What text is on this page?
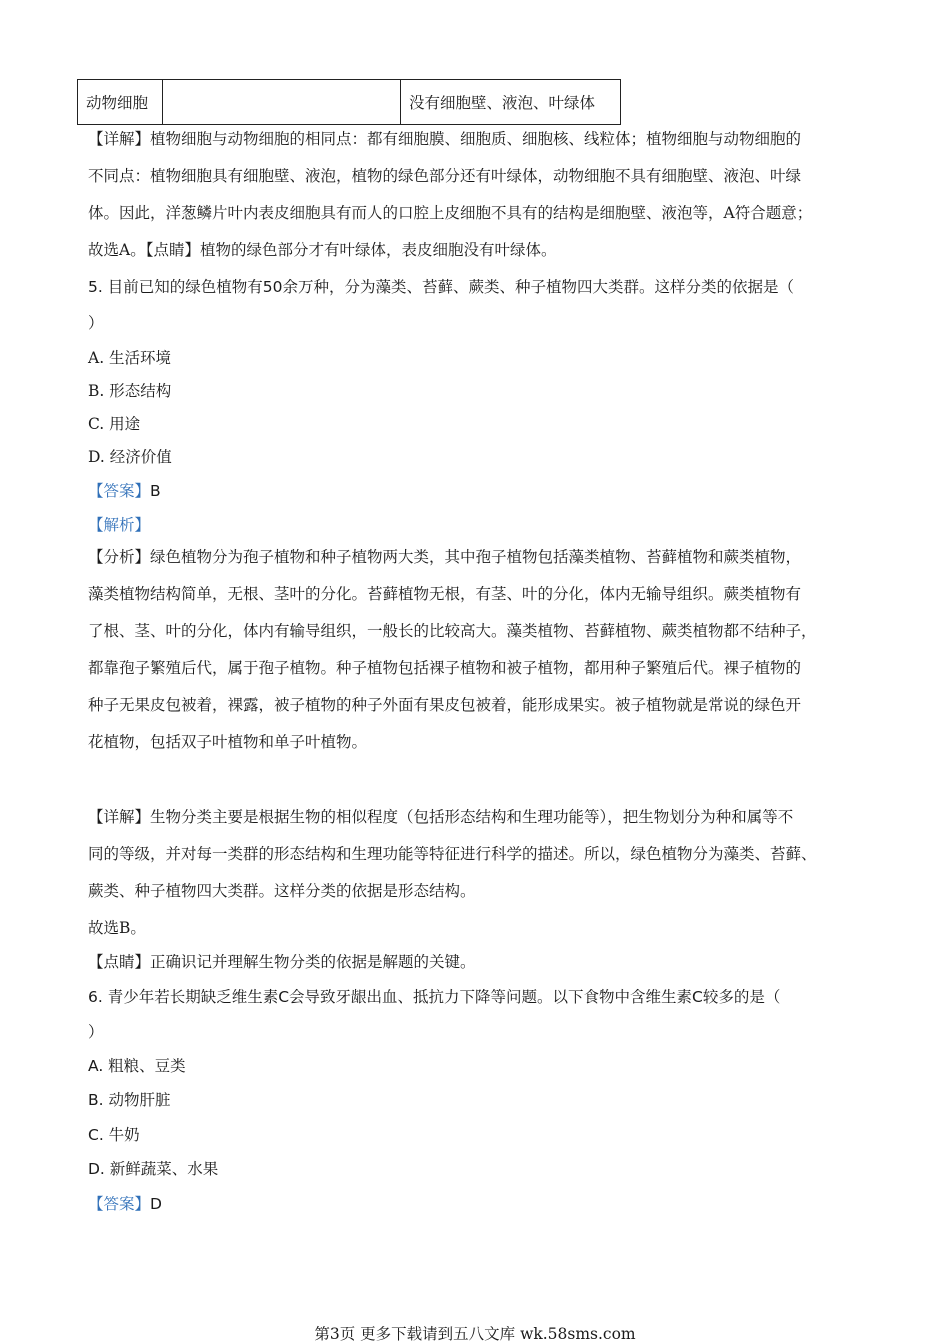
动物细胞		没有细胞壁、液泡、叶绿体
【详解】植物细胞与动物细胞的相同点：都有细胞膜、细胞质、细胞核、线粒体；植物细胞与动物细胞的
不同点：植物细胞具有细胞壁、液泡，植物的绿色部分还有叶绿体，动物细胞不具有细胞壁、液泡、叶绿
体。因此，洋葱鳞片叶内表皮细胞具有而人的口腔上皮细胞不具有的结构是细胞壁、液泡等，A符合题意；
故选A。【点睛】植物的绿色部分才有叶绿体，表皮细胞没有叶绿体。
5. 目前已知的绿色植物有50余万种，分为藻类、苔藓、蕨类、种子植物四大类群。这样分类的依据是（
）
A. 生活环境
B. 形态结构
C. 用途
D. 经济价值
【答案】B
【解析】
【分析】绿色植物分为孢子植物和种子植物两大类，其中孢子植物包括藻类植物、苔藓植物和蕨类植物，
藻类植物结构简单，无根、茎叶的分化。苔藓植物无根，有茎、叶的分化，体内无输导组织。蕨类植物有
了根、茎、叶的分化，体内有输导组织，一般长的比较高大。藻类植物、苔藓植物、蕨类植物都不结种子，
都靠孢子繁殖后代，属于孢子植物。种子植物包括裸子植物和被子植物，都用种子繁殖后代。裸子植物的
种子无果皮包被着，裸露，被子植物的种子外面有果皮包被着，能形成果实。被子植物就是常说的绿色开
花植物，包括双子叶植物和单子叶植物。
【详解】生物分类主要是根据生物的相似程度（包括形态结构和生理功能等），把生物划分为种和属等不
同的等级，并对每一类群的形态结构和生理功能等特征进行科学的描述。所以，绿色植物分为藻类、苔藓、
蕨类、种子植物四大类群。这样分类的依据是形态结构。
故选B。
【点睛】正确识记并理解生物分类的依据是解题的关键。
6. 青少年若长期缺乏维生素C会导致牙龈出血、抵抗力下降等问题。以下食物中含维生素C较多的是（
）
A. 粗粮、豆类
B. 动物肝脏
C. 牛奶
D. 新鲜蔬菜、水果
【答案】D
第3页 更多下载请到五八文库 wk.58sms.com
